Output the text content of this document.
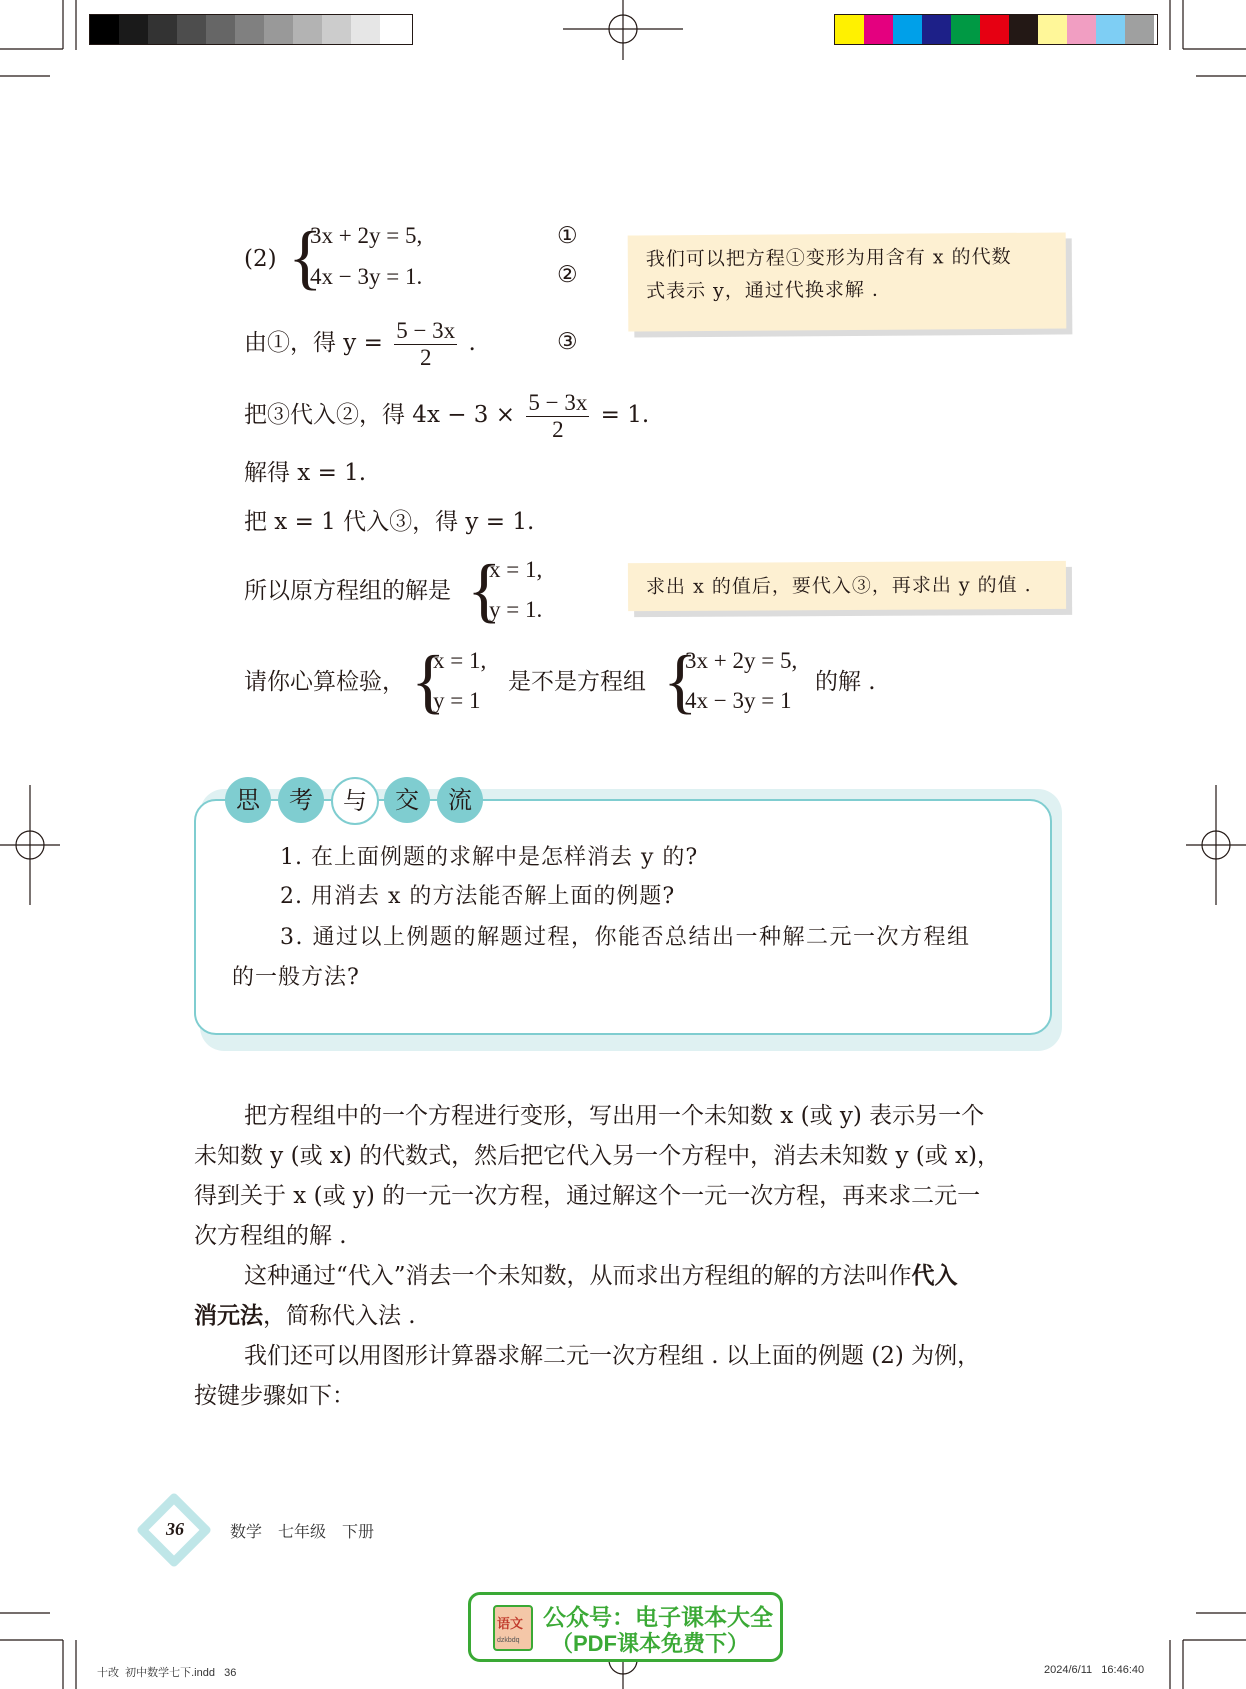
(2) {
3x + 2y = 5,
4x − 3y = 1.
①
②
我们可以把方程①变形为用含有 x 的代数
式表示 y，通过代换求解 .
由①，得 $y = \frac{5 - 3x}{2}$ .	③
把③代入②，得 $4x - 3 \times \frac{5 - 3x}{2} = 1$.
解得 x = 1.
把 x = 1 代入③，得 y = 1.
所以原方程组的解是 {
x = 1,
y = 1.
求出 x 的值后，要代入③，再求出 y 的值 .
请你心算检验， {
x = 1,
y = 1
是不是方程组 {
3x + 2y = 5,
4x − 3y = 1
的解 .
思	考	与	交	流
1. 在上面例题的求解中是怎样消去 y 的?
2. 用消去 x 的方法能否解上面的例题?
3. 通过以上例题的解题过程，你能否总结出一种解二元一次方程组
的一般方法?
把方程组中的一个方程进行变形，写出用一个未知数 x (或 y) 表示另一个
未知数 y (或 x) 的代数式，然后把它代入另一个方程中，消去未知数 y (或 x)，
得到关于 x (或 y) 的一元一次方程，通过解这个一元一次方程，再来求二元一
次方程组的解 .
这种通过“代入”消去一个未知数，从而求出方程组的解的方法叫作代入
消元法，简称代入法 .
我们还可以用图形计算器求解二元一次方程组 . 以上面的例题 (2) 为例，
按键步骤如下：
36	数学　七年级　下册
语文
dzkbdq
公众号：电子课本大全
（PDF课本免费下）
十改  初中数学七下.indd   36	2024/6/11   16:46:40
